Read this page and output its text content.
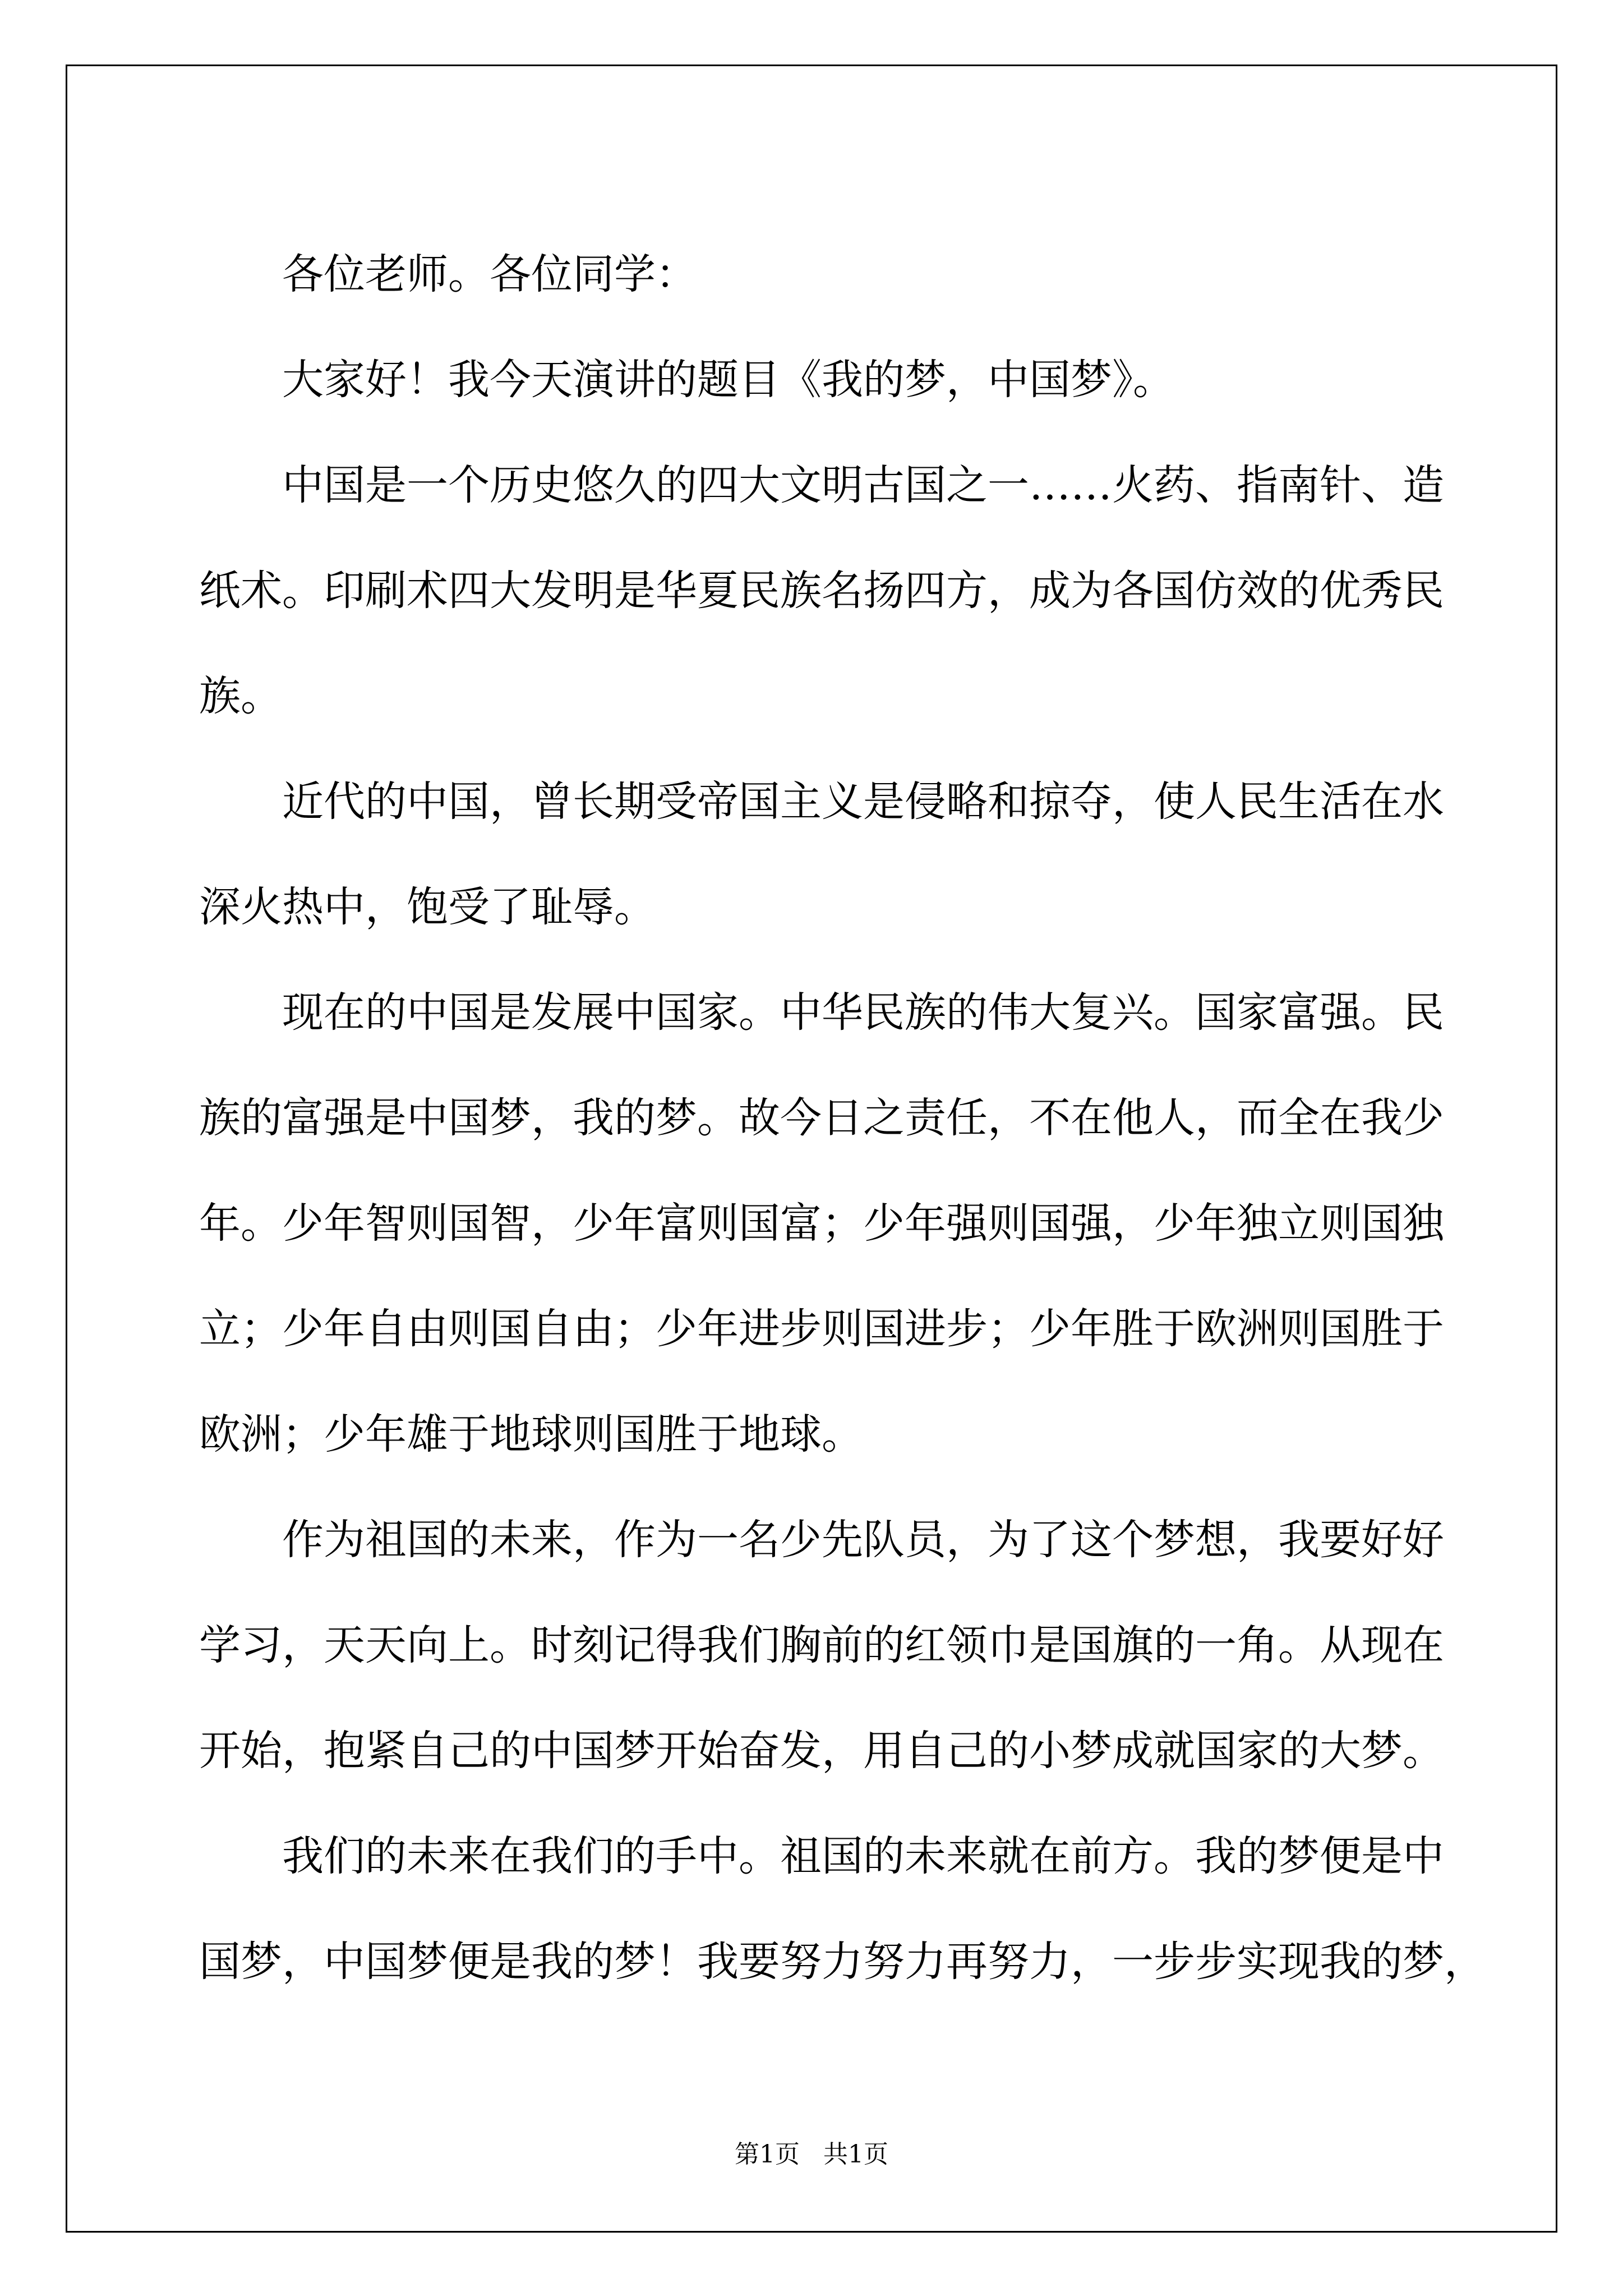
各位老师。各位同学：
大家好！我今天演讲的题目《我的梦，中国梦》。
中国是一个历史悠久的四大文明古国之一……火药、指南针、造
纸术。印刷术四大发明是华夏民族名扬四方，成为各国仿效的优秀民
族。
近代的中国，曾长期受帝国主义是侵略和掠夺，使人民生活在水
深火热中，饱受了耻辱。
现在的中国是发展中国家。中华民族的伟大复兴。国家富强。民
族的富强是中国梦，我的梦。故今日之责任，不在他人，而全在我少
年。少年智则国智，少年富则国富；少年强则国强，少年独立则国独
立；少年自由则国自由；少年进步则国进步；少年胜于欧洲则国胜于
欧洲；少年雄于地球则国胜于地球。
作为祖国的未来，作为一名少先队员，为了这个梦想，我要好好
学习，天天向上。时刻记得我们胸前的红领巾是国旗的一角。从现在
开始，抱紧自己的中国梦开始奋发，用自己的小梦成就国家的大梦。
我们的未来在我们的手中。祖国的未来就在前方。我的梦便是中
国梦，中国梦便是我的梦！我要努力努力再努力，一步步实现我的梦，
第1页   共1页
